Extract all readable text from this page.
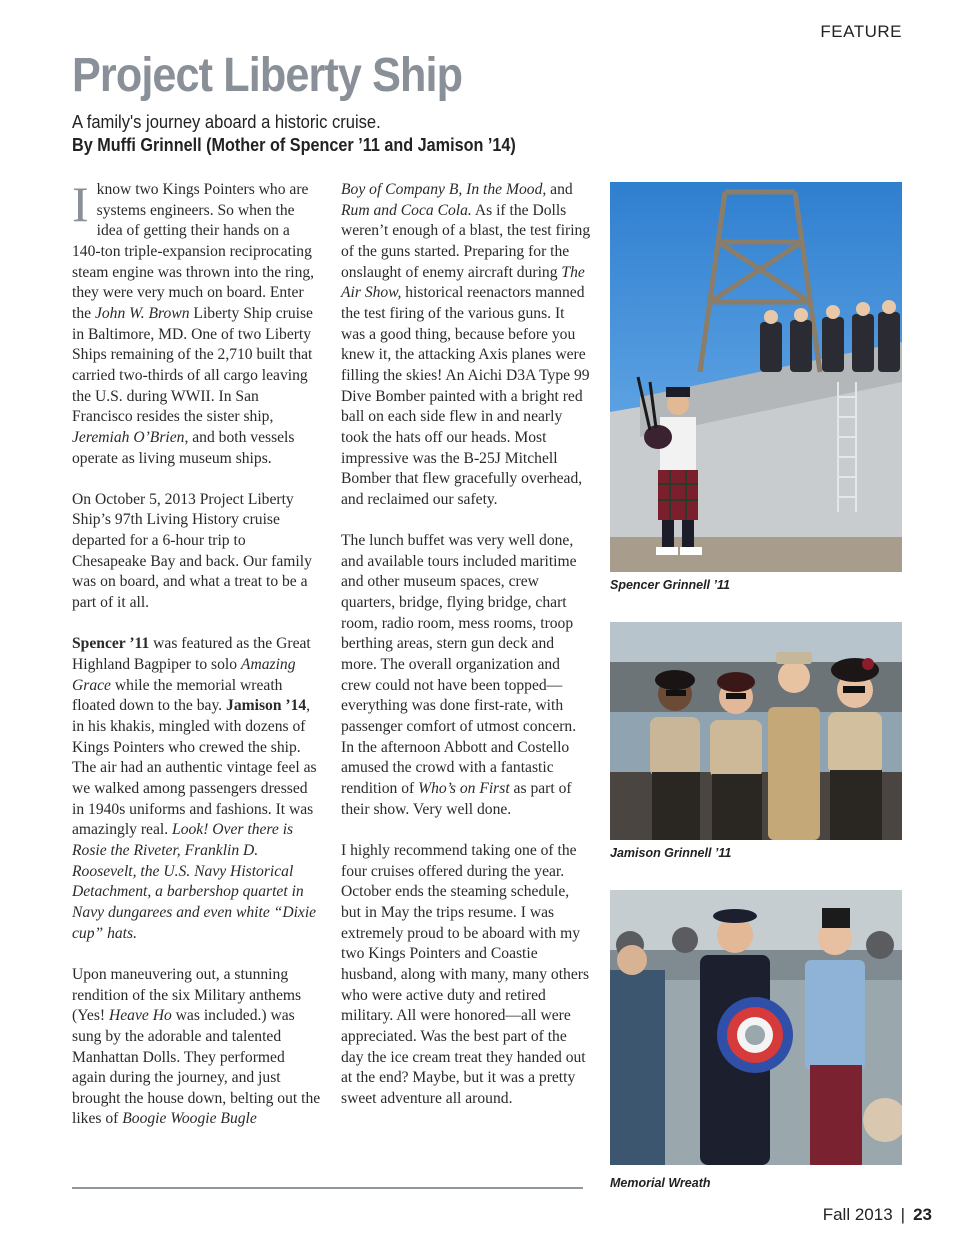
FEATURE
Project Liberty Ship
A family's journey aboard a historic cruise.
By Muffi Grinnell (Mother of Spencer ’11 and Jamison ’14)

I know two Kings Pointers who are systems engineers. So when the idea of getting their hands on a 140-ton triple-expansion reciprocating steam engine was thrown into the ring, they were very much on board. Enter the John W. Brown Liberty Ship cruise in Baltimore, MD. One of two Liberty Ships remaining of the 2,710 built that carried two-thirds of all cargo leaving the U.S. during WWII. In San Francisco resides the sister ship, Jeremiah O’Brien, and both vessels operate as living museum ships.

On October 5, 2013 Project Liberty Ship’s 97th Living History cruise departed for a 6-hour trip to Chesapeake Bay and back. Our family was on board, and what a treat to be a part of it all.

Spencer ’11 was featured as the Great Highland Bagpiper to solo Amazing Grace while the memorial wreath floated down to the bay. Jamison ’14, in his khakis, mingled with dozens of Kings Pointers who crewed the ship. The air had an authentic vintage feel as we walked among passengers dressed in 1940s uniforms and fashions. It was amazingly real. Look! Over there is Rosie the Riveter, Franklin D. Roosevelt, the U.S. Navy Historical Detachment, a barbershop quartet in Navy dungarees and even white “Dixie cup” hats.

Upon maneuvering out, a stunning rendition of the six Military anthems (Yes! Heave Ho was included.) was sung by the adorable and talented Manhattan Dolls. They performed again during the journey, and just brought the house down, belting out the likes of Boogie Woogie Bugle

Boy of Company B, In the Mood, and Rum and Coca Cola. As if the Dolls weren’t enough of a blast, the test firing of the guns started. Preparing for the onslaught of enemy aircraft during The Air Show, historical reenactors manned the test firing of the various guns. It was a good thing, because before you knew it, the attacking Axis planes were filling the skies! An Aichi D3A Type 99 Dive Bomber painted with a bright red ball on each side flew in and nearly took the hats off our heads. Most impressive was the B-25J Mitchell Bomber that flew gracefully overhead, and reclaimed our safety.

The lunch buffet was very well done, and available tours included maritime and other museum spaces, crew quarters, bridge, flying bridge, chart room, radio room, mess rooms, troop berthing areas, stern gun deck and more. The overall organization and crew could not have been topped—everything was done first-rate, with passenger comfort of utmost concern. In the afternoon Abbott and Costello amused the crowd with a fantastic rendition of Who’s on First as part of their show. Very well done.

I highly recommend taking one of the four cruises offered during the year. October ends the steaming schedule, but in May the trips resume. I was extremely proud to be aboard with my two Kings Pointers and Coastie husband, along with many, many others who were active duty and retired military. All were honored—all were appreciated. Was the best part of the day the ice cream treat they handed out at the end? Maybe, but it was a pretty sweet adventure all around.

Spencer Grinnell ’11
Jamison Grinnell ’11
Memorial Wreath
Fall 2013 | 23
